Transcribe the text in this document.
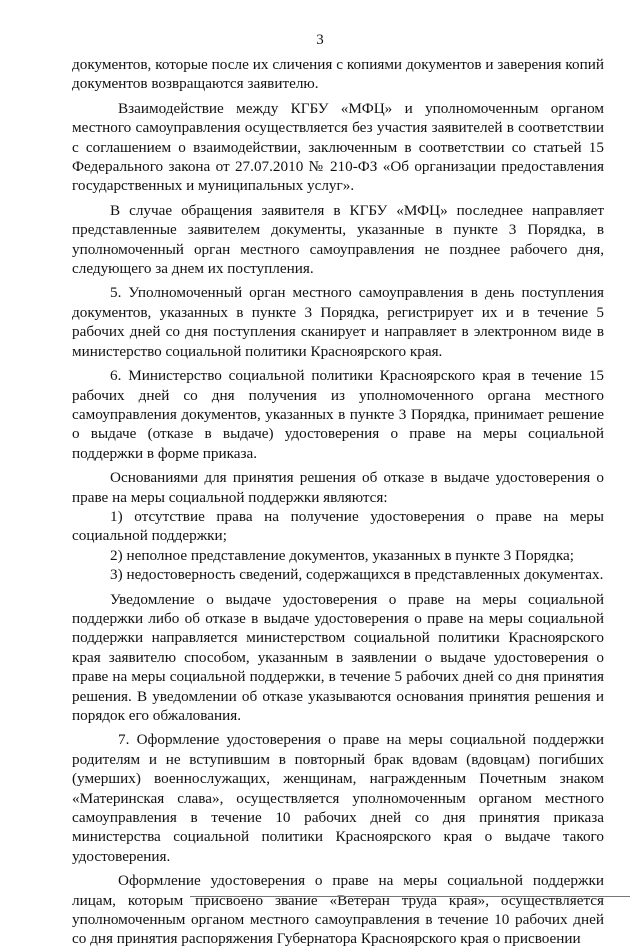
3

документов, которые после их сличения с копиями документов и заверения копий документов возвращаются заявителю.

Взаимодействие между КГБУ «МФЦ» и уполномоченным органом местного самоуправления осуществляется без участия заявителей в соответствии с соглашением о взаимодействии, заключенным в соответствии со статьей 15 Федерального закона от 27.07.2010 № 210-ФЗ «Об организации предоставления государственных и муниципальных услуг».

В случае обращения заявителя в КГБУ «МФЦ» последнее направляет представленные заявителем документы, указанные в пункте 3 Порядка, в уполномоченный орган местного самоуправления не позднее рабочего дня, следующего за днем их поступления.

5. Уполномоченный орган местного самоуправления в день поступления документов, указанных в пункте 3 Порядка, регистрирует их и в течение 5 рабочих дней со дня поступления сканирует и направляет в электронном виде в министерство социальной политики Красноярского края.

6. Министерство социальной политики Красноярского края в течение 15 рабочих дней со дня получения из уполномоченного органа местного самоуправления документов, указанных в пункте 3 Порядка, принимает решение о выдаче (отказе в выдаче) удостоверения о праве на меры социальной поддержки в форме приказа.

Основаниями для принятия решения об отказе в выдаче удостоверения о праве на меры социальной поддержки являются:

1) отсутствие права на получение удостоверения о праве на меры социальной поддержки;

2) неполное представление документов, указанных в пункте 3 Порядка;

3) недостоверность сведений, содержащихся в представленных документах.

Уведомление о выдаче удостоверения о праве на меры социальной поддержки либо об отказе в выдаче удостоверения о праве на меры социальной поддержки направляется министерством социальной политики Красноярского края заявителю способом, указанным в заявлении о выдаче удостоверения о праве на меры социальной поддержки, в течение 5 рабочих дней со дня принятия решения. В уведомлении об отказе указываются основания принятия решения и порядок его обжалования.

7. Оформление удостоверения о праве на меры социальной поддержки родителям и не вступившим в повторный брак вдовам (вдовцам) погибших (умерших) военнослужащих, женщинам, награжденным Почетным знаком «Материнская слава», осуществляется уполномоченным органом местного самоуправления в течение 10 рабочих дней со дня принятия приказа министерства социальной политики Красноярского края о выдаче такого удостоверения.

Оформление удостоверения о праве на меры социальной поддержки лицам, которым присвоено звание «Ветеран труда края», осуществляется уполномоченным органом местного самоуправления в течение 10 рабочих дней со дня принятия распоряжения Губернатора Красноярского края о присвоении
